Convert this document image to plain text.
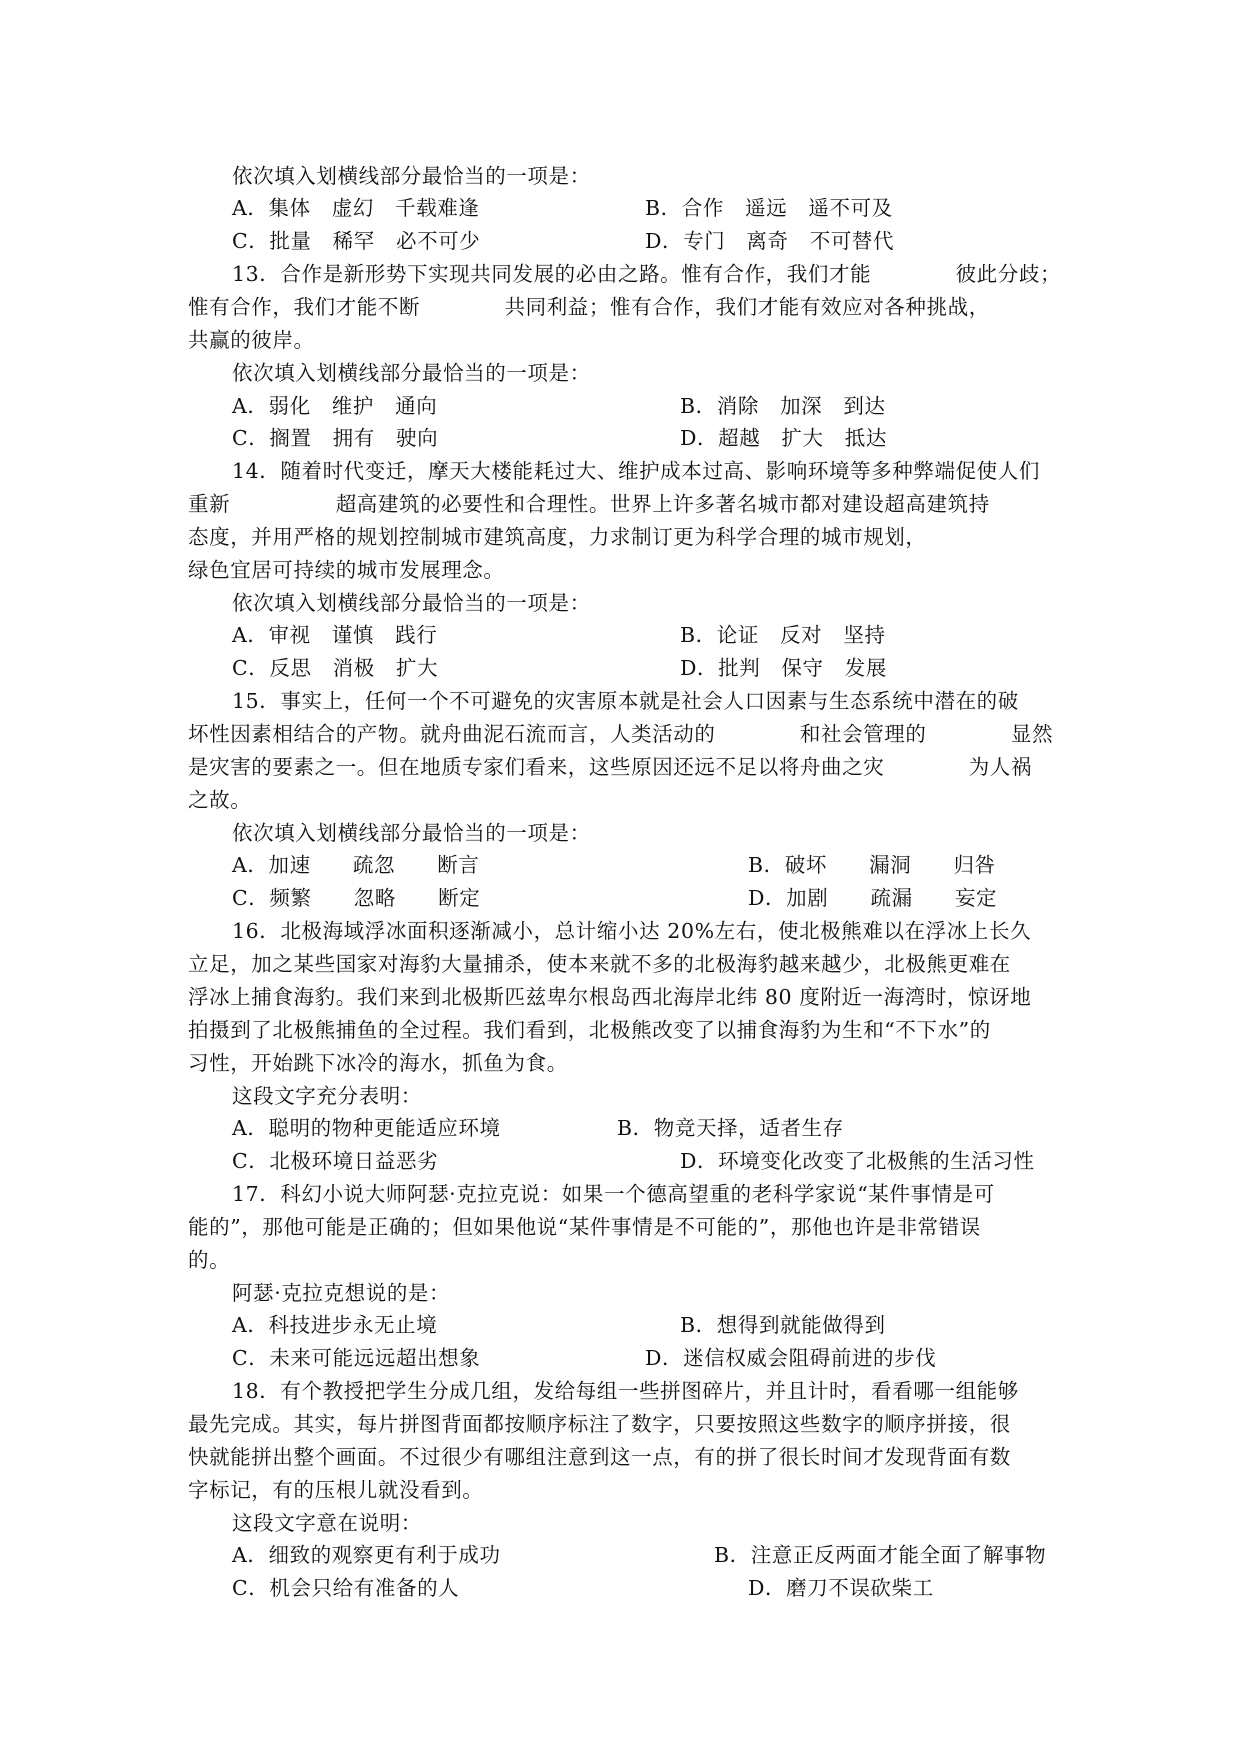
依次填入划横线部分最恰当的一项是：
A．集体　虚幻　千载难逢	B．合作　遥远　遥不可及
C．批量　稀罕　必不可少	D．专门　离奇　不可替代
13．合作是新形势下实现共同发展的必由之路。惟有合作，我们才能　　　　彼此分歧；
惟有合作，我们才能不断　　　　共同利益；惟有合作，我们才能有效应对各种挑战，
共赢的彼岸。
依次填入划横线部分最恰当的一项是：
A．弱化　维护　通向	B．消除　加深　到达
C．搁置　拥有　驶向	D．超越　扩大　抵达
14．随着时代变迁，摩天大楼能耗过大、维护成本过高、影响环境等多种弊端促使人们
重新　　　　　超高建筑的必要性和合理性。世界上许多著名城市都对建设超高建筑持
态度，并用严格的规划控制城市建筑高度，力求制订更为科学合理的城市规划，
绿色宜居可持续的城市发展理念。
依次填入划横线部分最恰当的一项是：
A．审视　谨慎　践行	B．论证　反对　坚持
C．反思　消极　扩大	D．批判　保守　发展
15．事实上，任何一个不可避免的灾害原本就是社会人口因素与生态系统中潜在的破
坏性因素相结合的产物。就舟曲泥石流而言，人类活动的　　　　和社会管理的　　　　显然
是灾害的要素之一。但在地质专家们看来，这些原因还远不足以将舟曲之灾　　　　为人祸
之故。
依次填入划横线部分最恰当的一项是：
A．加速　　疏忽　　断言	B．破坏　　漏洞　　归咎
C．频繁　　忽略　　断定	D．加剧　　疏漏　　妄定
16．北极海域浮冰面积逐渐减小，总计缩小达 20%左右，使北极熊难以在浮冰上长久
立足，加之某些国家对海豹大量捕杀，使本来就不多的北极海豹越来越少，北极熊更难在
浮冰上捕食海豹。我们来到北极斯匹兹卑尔根岛西北海岸北纬 80 度附近一海湾时，惊讶地
拍摄到了北极熊捕鱼的全过程。我们看到，北极熊改变了以捕食海豹为生和“不下水”的
习性，开始跳下冰冷的海水，抓鱼为食。
这段文字充分表明：
A．聪明的物种更能适应环境	B．物竞天择，适者生存
C．北极环境日益恶劣	D．环境变化改变了北极熊的生活习性
17．科幻小说大师阿瑟·克拉克说：如果一个德高望重的老科学家说“某件事情是可
能的”，那他可能是正确的；但如果他说“某件事情是不可能的”，那他也许是非常错误
的。
阿瑟·克拉克想说的是：
A．科技进步永无止境	B．想得到就能做得到
C．未来可能远远超出想象	D．迷信权威会阻碍前进的步伐
18．有个教授把学生分成几组，发给每组一些拼图碎片，并且计时，看看哪一组能够
最先完成。其实，每片拼图背面都按顺序标注了数字，只要按照这些数字的顺序拼接，很
快就能拼出整个画面。不过很少有哪组注意到这一点，有的拼了很长时间才发现背面有数
字标记，有的压根儿就没看到。
这段文字意在说明：
A．细致的观察更有利于成功	B．注意正反两面才能全面了解事物
C．机会只给有准备的人	D．磨刀不误砍柴工
